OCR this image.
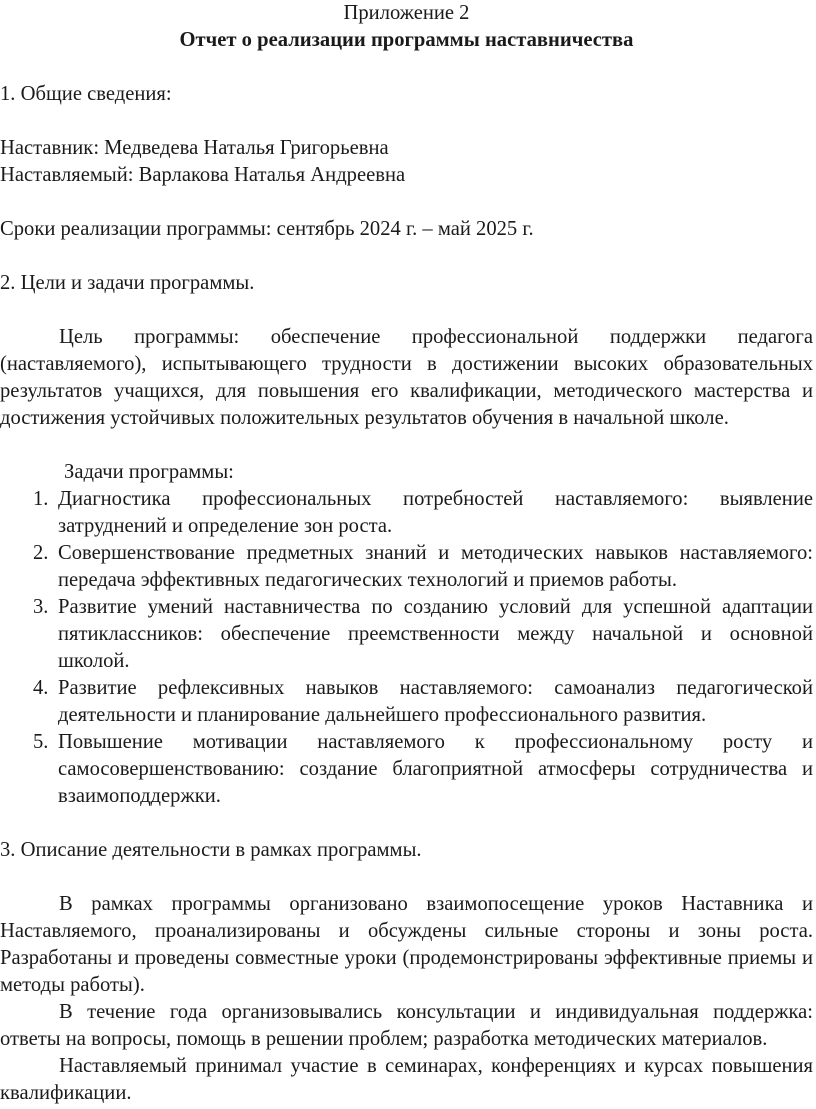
Приложение 2

Отчет о реализации программы наставничества

1. Общие сведения:

Наставник: Медведева Наталья Григорьевна

Наставляемый: Варлакова Наталья Андреевна

Сроки реализации программы: сентябрь 2024 г. – май 2025 г.

2. Цели и задачи программы.

Цель программы: обеспечение профессиональной поддержки педагога (наставляемого), испытывающего трудности в достижении высоких образовательных результатов учащихся, для повышения его квалификации, методического мастерства и достижения устойчивых положительных результатов обучения в начальной школе.

Задачи программы:

1. Диагностика профессиональных потребностей наставляемого: выявление затруднений и определение зон роста.
2. Совершенствование предметных знаний и методических навыков наставляемого: передача эффективных педагогических технологий и приемов работы.
3. Развитие умений наставничества по созданию условий для успешной адаптации пятиклассников: обеспечение преемственности между начальной и основной школой.
4. Развитие рефлексивных навыков наставляемого: самоанализ педагогической деятельности и планирование дальнейшего профессионального развития.
5. Повышение мотивации наставляемого к профессиональному росту и самосовершенствованию: создание благоприятной атмосферы сотрудничества и взаимоподдержки.

3. Описание деятельности в рамках программы.

В рамках программы организовано взаимопосещение уроков Наставника и Наставляемого, проанализированы и обсуждены сильные стороны и зоны роста. Разработаны и проведены совместные уроки (продемонстрированы эффективные приемы и методы работы).

В течение года организовывались консультации и индивидуальная поддержка: ответы на вопросы, помощь в решении проблем; разработка методических материалов.

Наставляемый принимал участие в семинарах, конференциях и курсах повышения квалификации.
